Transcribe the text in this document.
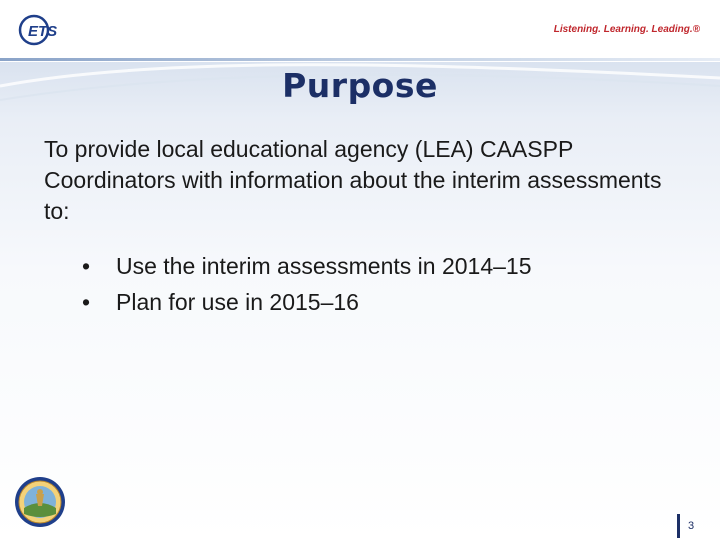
ETS	Listening. Learning. Leading.®
Purpose
To provide local educational agency (LEA) CAASPP Coordinators with information about the interim assessments to:
• Use the interim assessments in 2014–15
• Plan for use in 2015–16
3
